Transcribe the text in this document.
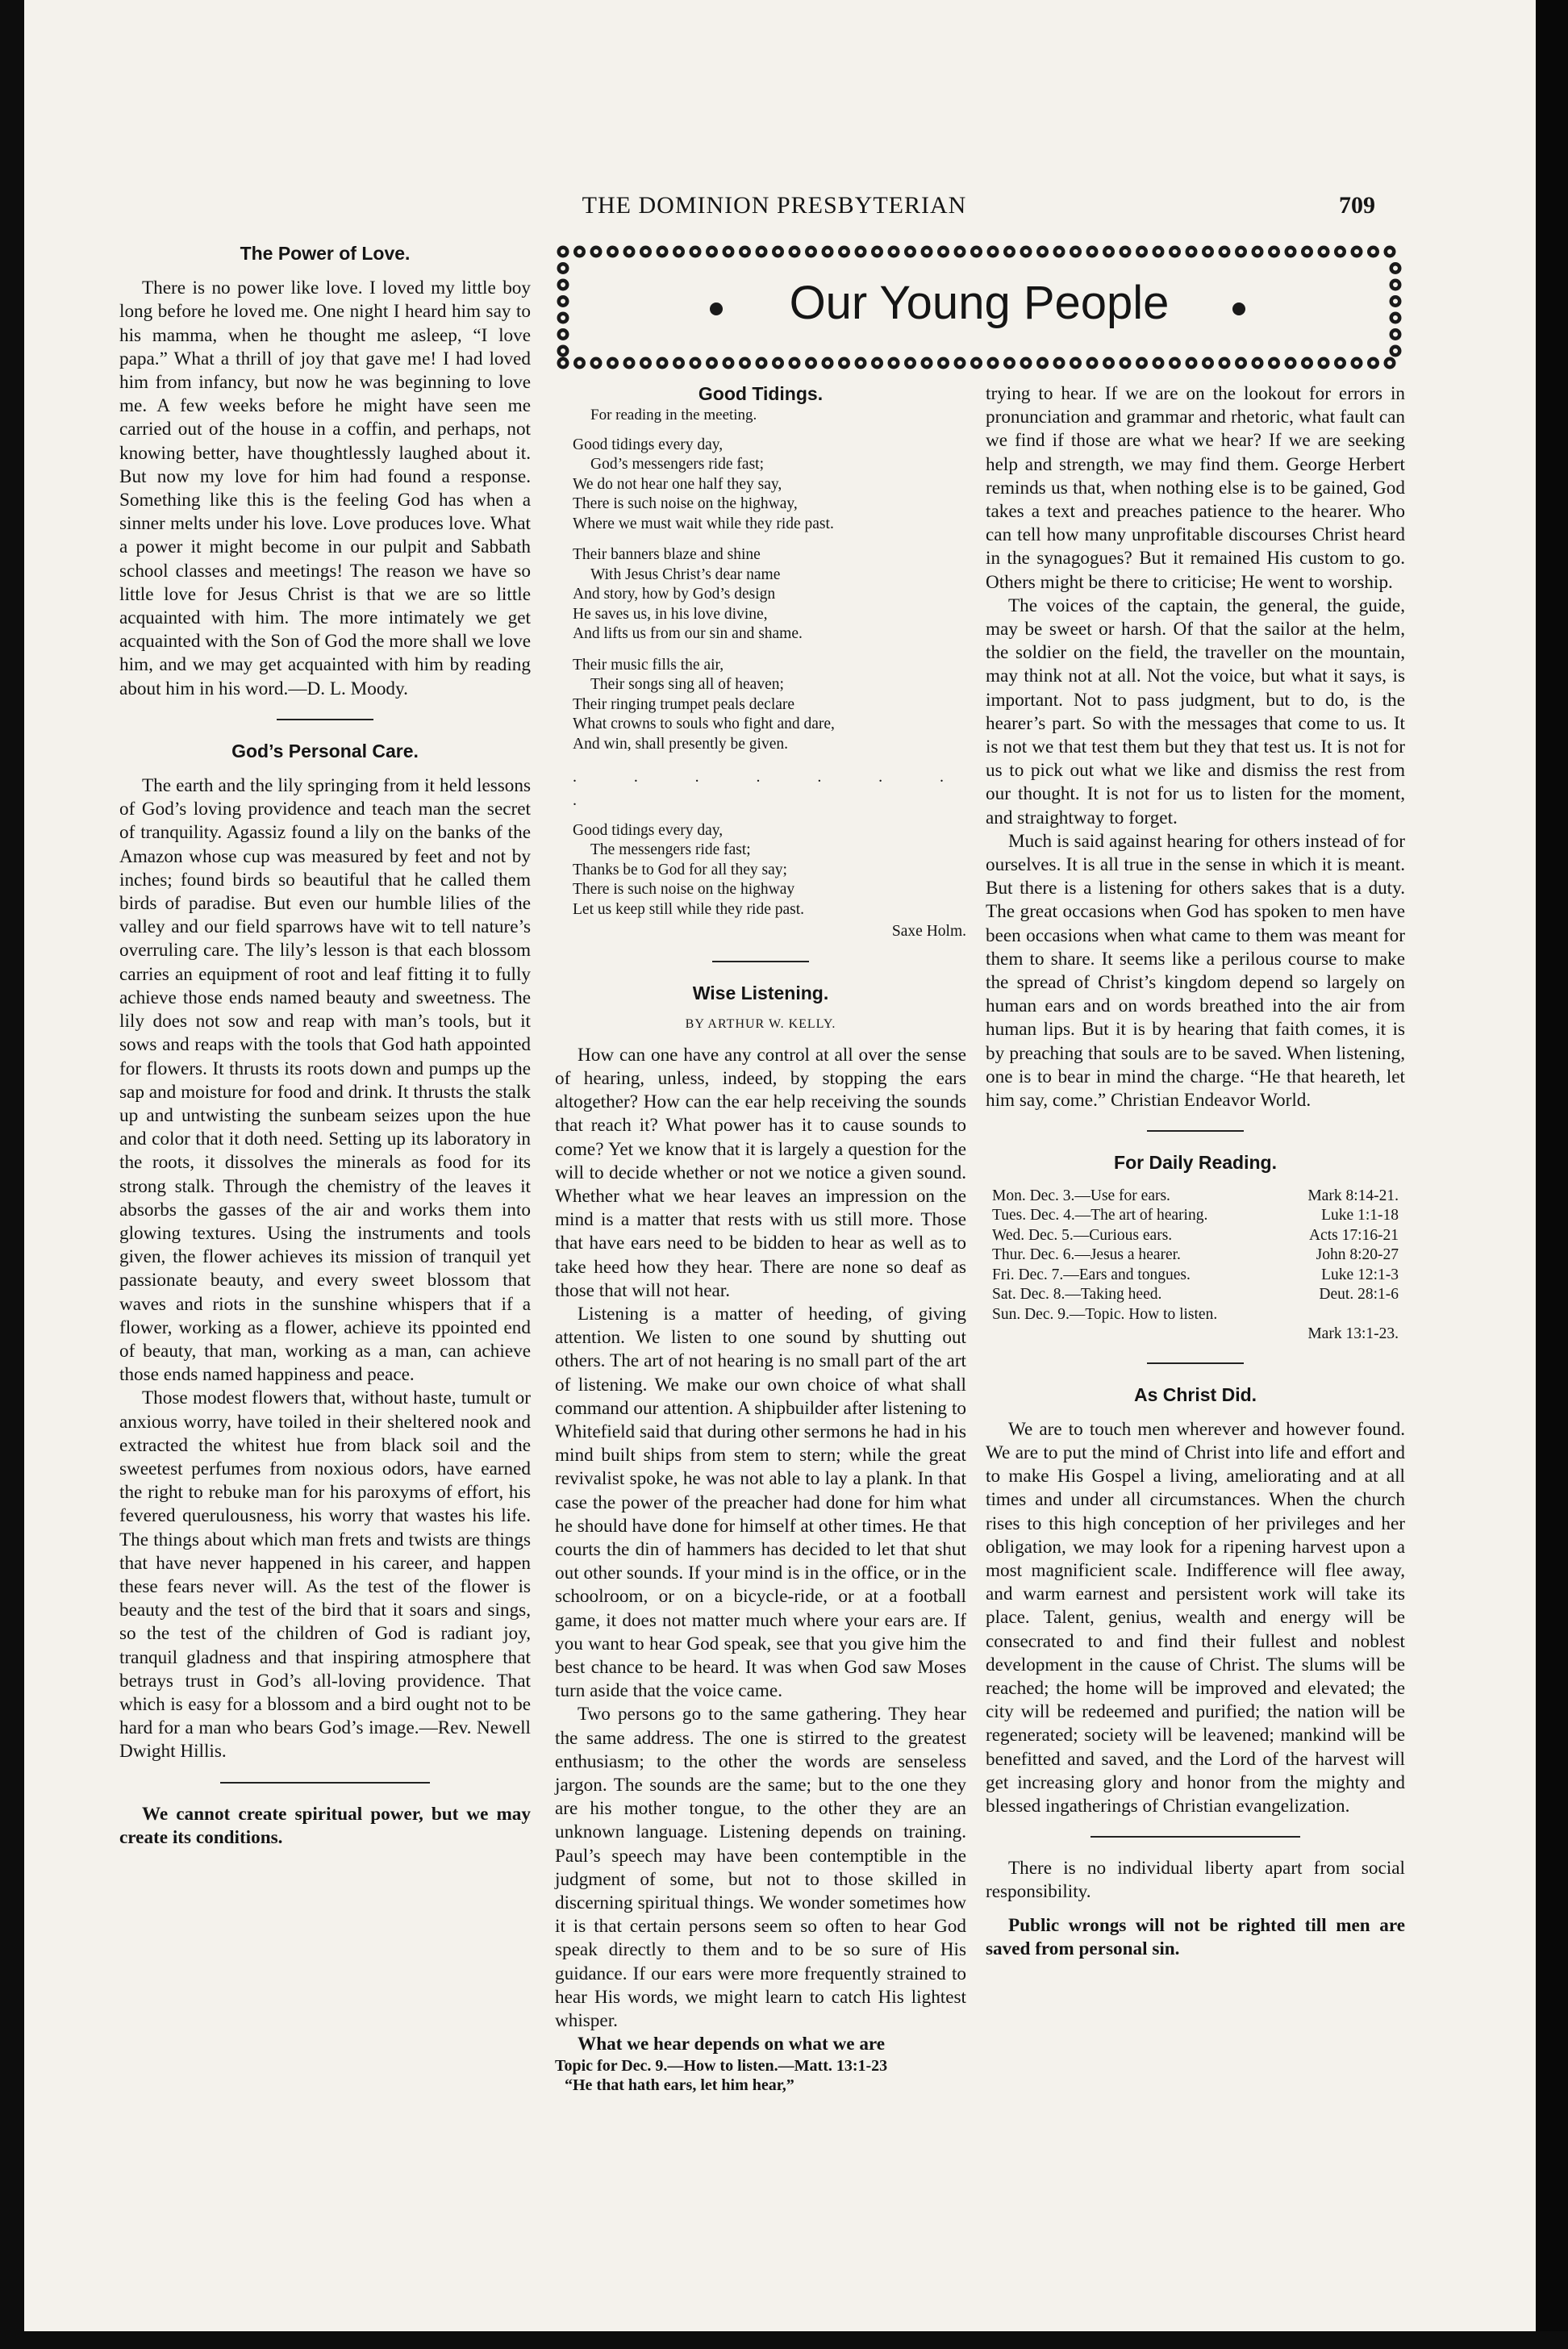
THE DOMINION PRESBYTERIAN	709
Our Young People
The Power of Love.

There is no power like love. I loved my little boy long before he loved me. One night I heard him say to his mamma, when he thought me asleep, “I love papa.” What a thrill of joy that gave me! I had loved him from infancy, but now he was beginning to love me. A few weeks before he might have seen me carried out of the house in a coffin, and perhaps, not knowing better, have thoughtlessly laughed about it. But now my love for him had found a response. Something like this is the feeling God has when a sinner melts under his love. Love produces love. What a power it might become in our pulpit and Sabbath school classes and meetings! The reason we have so little love for Jesus Christ is that we are so little acquainted with him. The more intimately we get acquainted with the Son of God the more shall we love him, and we may get acquainted with him by reading about him in his word.—D. L. Moody.

God’s Personal Care.

The earth and the lily springing from it held lessons of God’s loving providence and teach man the secret of tranquility. Agassiz found a lily on the banks of the Amazon whose cup was measured by feet and not by inches; found birds so beautiful that he called them birds of paradise. But even our humble lilies of the valley and our field sparrows have wit to tell nature’s overruling care. The lily’s lesson is that each blossom carries an equipment of root and leaf fitting it to fully achieve those ends named beauty and sweetness. The lily does not sow and reap with man’s tools, but it sows and reaps with the tools that God hath appointed for flowers. It thrusts its roots down and pumps up the sap and moisture for food and drink. It thrusts the stalk up and untwisting the sunbeam seizes upon the hue and color that it doth need. Setting up its laboratory in the roots, it dissolves the minerals as food for its strong stalk. Through the chemistry of the leaves it absorbs the gasses of the air and works them into glowing textures. Using the instruments and tools given, the flower achieves its mission of tranquil yet passionate beauty, and every sweet blossom that waves and riots in the sunshine whispers that if a flower, working as a flower, achieve its ppointed end of beauty, that man, working as a man, can achieve those ends named happiness and peace.

Those modest flowers that, without haste, tumult or anxious worry, have toiled in their sheltered nook and extracted the whitest hue from black soil and the sweetest perfumes from noxious odors, have earned the right to rebuke man for his paroxyms of effort, his fevered querulousness, his worry that wastes his life. The things about which man frets and twists are things that have never happened in his career, and happen these fears never will. As the test of the flower is beauty and the test of the bird that it soars and sings, so the test of the children of God is radiant joy, tranquil gladness and that inspiring atmosphere that betrays trust in God’s all-loving providence. That which is easy for a blossom and a bird ought not to be hard for a man who bears God’s image.—Rev. Newell Dwight Hillis.

We cannot create spiritual power, but we may create its conditions.

Good Tidings.
For reading in the meeting.
Good tidings every day,
God’s messengers ride fast;
We do not hear one half they say,
There is such noise on the highway,
Where we must wait while they ride past.
Their banners blaze and shine
With Jesus Christ’s dear name
And story, how by God’s design
He saves us, in his love divine,
And lifts us from our sin and shame.
Their music fills the air,
Their songs sing all of heaven;
Their ringing trumpet peals declare
What crowns to souls who fight and dare,
And win, shall presently be given.
. . . . . . . .
Good tidings every day,
The messengers ride fast;
Thanks be to God for all they say;
There is such noise on the highway
Let us keep still while they ride past.
Saxe Holm.
Wise Listening.
BY ARTHUR W. KELLY.

How can one have any control at all over the sense of hearing, unless, indeed, by stopping the ears altogether? How can the ear help receiving the sounds that reach it? What power has it to cause sounds to come? Yet we know that it is largely a question for the will to decide whether or not we notice a given sound. Whether what we hear leaves an impression on the mind is a matter that rests with us still more. Those that have ears need to be bidden to hear as well as to take heed how they hear. There are none so deaf as those that will not hear.

Listening is a matter of heeding, of giving attention. We listen to one sound by shutting out others. The art of not hearing is no small part of the art of listening. We make our own choice of what shall command our attention. A shipbuilder after listening to Whitefield said that during other sermons he had in his mind built ships from stem to stern; while the great revivalist spoke, he was not able to lay a plank. In that case the power of the preacher had done for him what he should have done for himself at other times. He that courts the din of hammers has decided to let that shut out other sounds. If your mind is in the office, or in the schoolroom, or on a bicycle-ride, or at a football game, it does not matter much where your ears are. If you want to hear God speak, see that you give him the best chance to be heard. It was when God saw Moses turn aside that the voice came.

Two persons go to the same gathering. They hear the same address. The one is stirred to the greatest enthusiasm; to the other the words are senseless jargon. The sounds are the same; but to the one they are his mother tongue, to the other they are an unknown language. Listening depends on training. Paul’s speech may have been contemptible in the judgment of some, but not to those skilled in discerning spiritual things. We wonder sometimes how it is that certain persons seem so often to hear God speak directly to them and to be so sure of His guidance. If our ears were more frequently strained to hear His words, we might learn to catch His lightest whisper.

What we hear depends on what we are

Topic for Dec. 9.—How to listen.—Matt. 13:1-23
“He that hath ears, let him hear,”

trying to hear. If we are on the lookout for errors in pronunciation and grammar and rhetoric, what fault can we find if those are what we hear? If we are seeking help and strength, we may find them. George Herbert reminds us that, when nothing else is to be gained, God takes a text and preaches patience to the hearer. Who can tell how many unprofitable discourses Christ heard in the synagogues? But it remained His custom to go. Others might be there to criticise; He went to worship.

The voices of the captain, the general, the guide, may be sweet or harsh. Of that the sailor at the helm, the soldier on the field, the traveller on the mountain, may think not at all. Not the voice, but what it says, is important. Not to pass judgment, but to do, is the hearer’s part. So with the messages that come to us. It is not we that test them but they that test us. It is not for us to pick out what we like and dismiss the rest from our thought. It is not for us to listen for the moment, and straightway to forget.

Much is said against hearing for others instead of for ourselves. It is all true in the sense in which it is meant. But there is a listening for others sakes that is a duty. The great occasions when God has spoken to men have been occasions when what came to them was meant for them to share. It seems like a perilous course to make the spread of Christ’s kingdom depend so largely on human ears and on words breathed into the air from human lips. But it is by hearing that faith comes, it is by preaching that souls are to be saved. When listening, one is to bear in mind the charge. “He that heareth, let him say, come.” Christian Endeavor World.

For Daily Reading.
Mon. Dec. 3.—Use for ears.	Mark 8:14-21.
Tues. Dec. 4.—The art of hearing.	Luke 1:1-18
Wed. Dec. 5.—Curious ears.	Acts 17:16-21
Thur. Dec. 6.—Jesus a hearer.	John 8:20-27
Fri. Dec. 7.—Ears and tongues.	Luke 12:1-3
Sat. Dec. 8.—Taking heed.	Deut. 28:1-6
Sun. Dec. 9.—Topic. How to listen.
Mark 13:1-23.
As Christ Did.

We are to touch men wherever and however found. We are to put the mind of Christ into life and effort and to make His Gospel a living, ameliorating and at all times and under all circumstances. When the church rises to this high conception of her privileges and her obligation, we may look for a ripening harvest upon a most magnificient scale. Indifference will flee away, and warm earnest and persistent work will take its place. Talent, genius, wealth and energy will be consecrated to and find their fullest and noblest development in the cause of Christ. The slums will be reached; the home will be improved and elevated; the city will be redeemed and purified; the nation will be regenerated; society will be leavened; mankind will be benefitted and saved, and the Lord of the harvest will get increasing glory and honor from the mighty and blessed ingatherings of Christian evangelization.

There is no individual liberty apart from social responsibility.

Public wrongs will not be righted till men are saved from personal sin.
